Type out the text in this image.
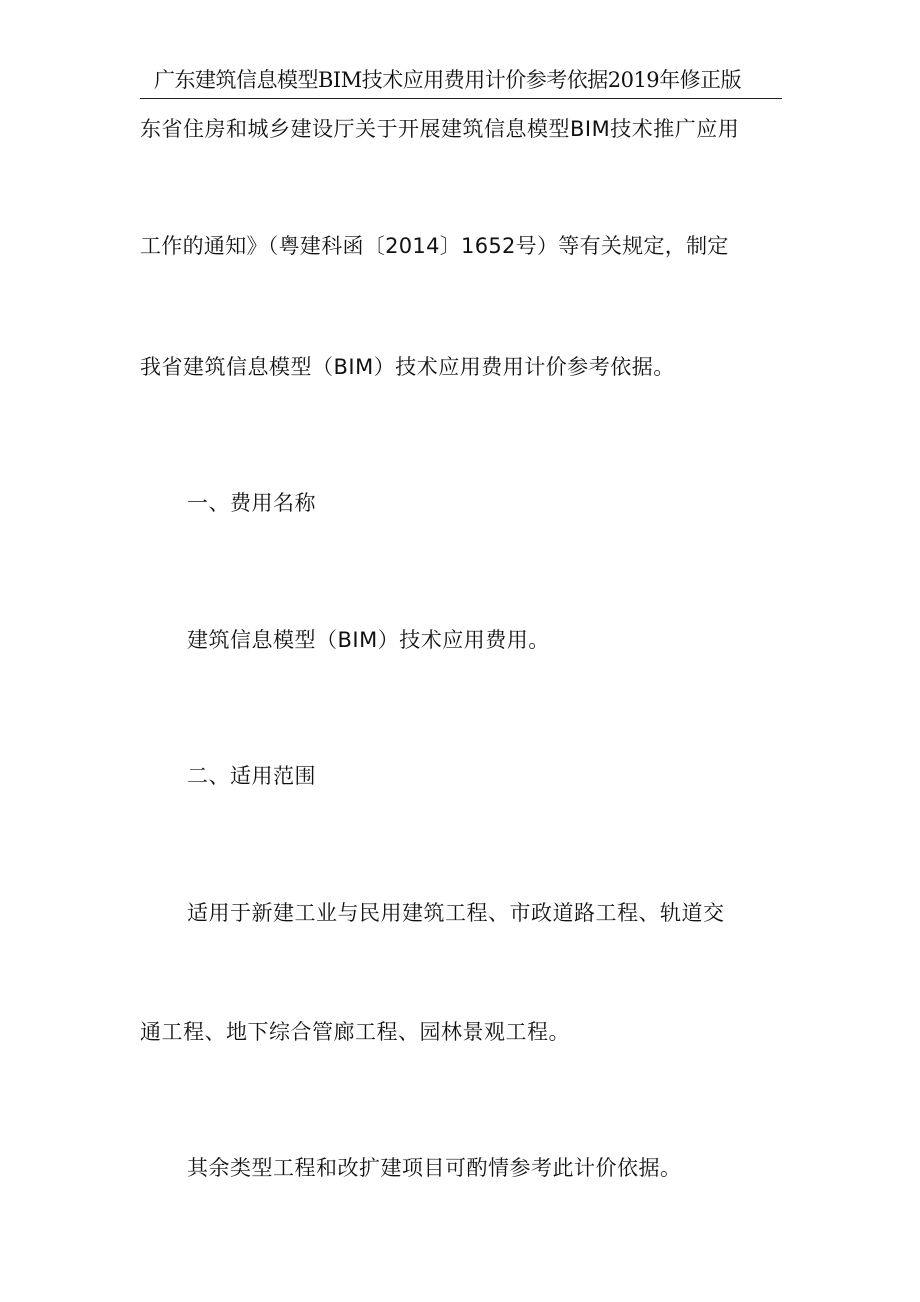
广东建筑信息模型BIM技术应用费用计价参考依据2019年修正版
东省住房和城乡建设厅关于开展建筑信息模型BIM技术推广应用
工作的通知》（粤建科函〔2014〕1652号）等有关规定，制定
我省建筑信息模型（BIM）技术应用费用计价参考依据。
一、费用名称
建筑信息模型（BIM）技术应用费用。
二、适用范围
适用于新建工业与民用建筑工程、市政道路工程、轨道交
通工程、地下综合管廊工程、园林景观工程。
其余类型工程和改扩建项目可酌情参考此计价依据。
